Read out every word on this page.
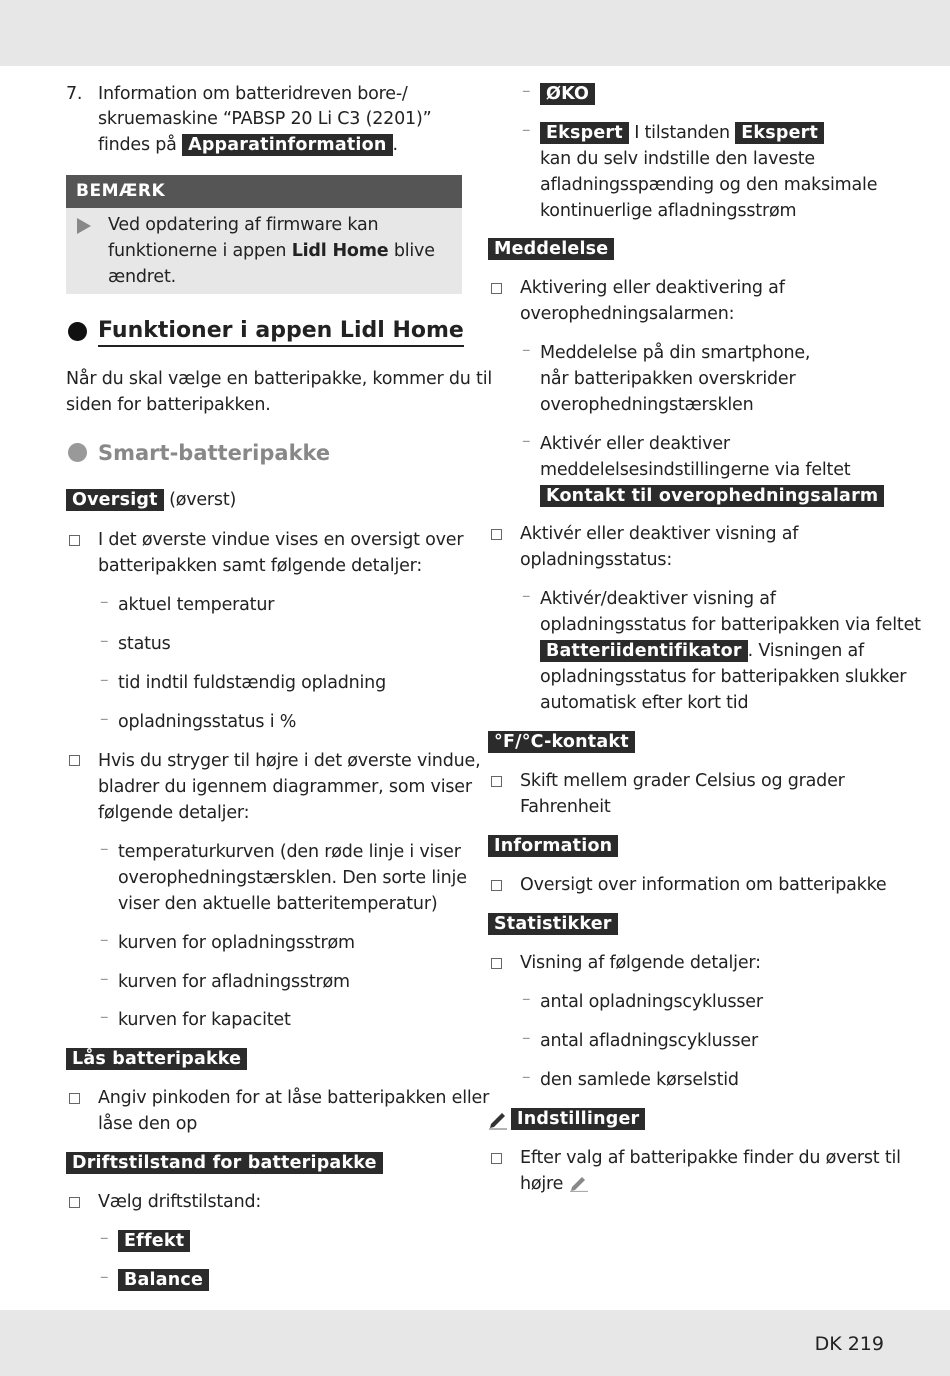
7. Information om batteridreven bore-/
skruemaskine “PABSP 20 Li C3 (2201)”
findes på Apparatinformation .
BEMÆRK
Ved opdatering af firmware kan
funktionerne i appen Lidl Home blive
ændret.
Funktioner i appen Lidl Home
Når du skal vælge en batteripakke, kommer du til
siden for batteripakken.
Smart-batteripakke
Oversigt (øverst)
I det øverste vindue vises en oversigt over
batteripakken samt følgende detaljer:
– aktuel temperatur
– status
– tid indtil fuldstændig opladning
– opladningsstatus i %
Hvis du stryger til højre i det øverste vindue,
bladrer du igennem diagrammer, som viser
følgende detaljer:
– temperaturkurven (den røde linje i viser
overophedningstærsklen. Den sorte linje
viser den aktuelle batteritemperatur)
– kurven for opladningsstrøm
– kurven for afladningsstrøm
– kurven for kapacitet
Lås batteripakke
Angiv pinkoden for at låse batteripakken eller
låse den op
Driftstilstand for batteripakke
Vælg driftstilstand:
– Effekt
– Balance
– ØKO
– Ekspert I tilstanden Ekspert
kan du selv indstille den laveste
afladningsspænding og den maksimale
kontinuerlige afladningsstrøm
Meddelelse
Aktivering eller deaktivering af
overophedningsalarmen:
– Meddelelse på din smartphone,
når batteripakken overskrider
overophedningstærsklen
– Aktivér eller deaktiver
meddelelsesindstillingerne via feltet
Kontakt til overophedningsalarm
Aktivér eller deaktiver visning af
opladningsstatus:
– Aktivér/deaktiver visning af
opladningsstatus for batteripakken via feltet
Batteriidentifikator . Visningen af
opladningsstatus for batteripakken slukker
automatisk efter kort tid
°F/°C-kontakt
Skift mellem grader Celsius og grader
Fahrenheit
Information
Oversigt over information om batteripakke
Statistikker
Visning af følgende detaljer:
– antal opladningscyklusser
– antal afladningscyklusser
– den samlede kørselstid
Indstillinger
Efter valg af batteripakke finder du øverst til
højre
DK 219
